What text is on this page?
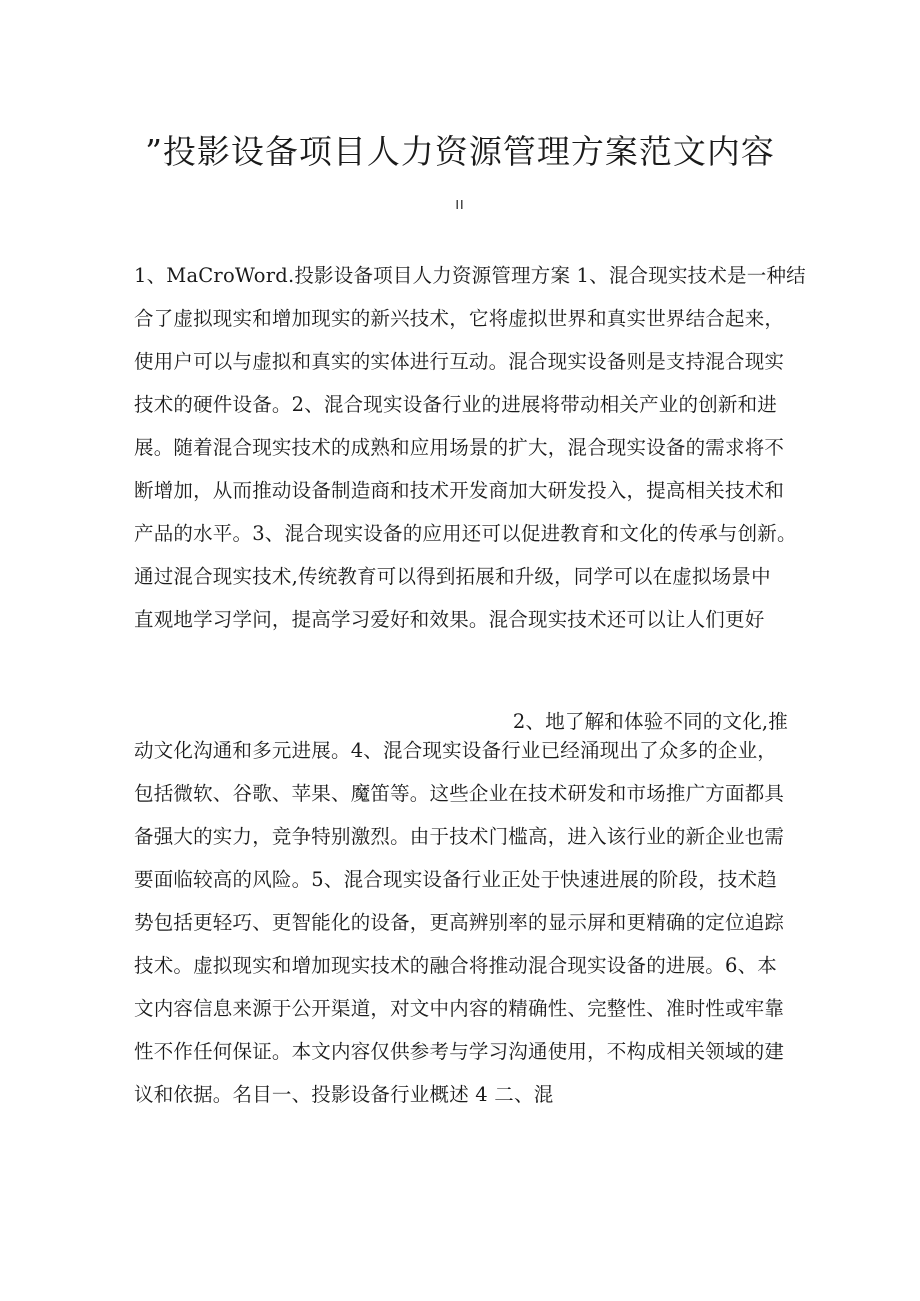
”投影设备项目人力资源管理方案范文内容
II

1、MaCroWord.投影设备项目人力资源管理方案 1、混合现实技术是一种结

合了虚拟现实和增加现实的新兴技术，它将虚拟世界和真实世界结合起来，

使用户可以与虚拟和真实的实体进行互动。混合现实设备则是支持混合现实

技术的硬件设备。2、混合现实设备行业的进展将带动相关产业的创新和进

展。随着混合现实技术的成熟和应用场景的扩大，混合现实设备的需求将不

断增加，从而推动设备制造商和技术开发商加大研发投入，提高相关技术和

产品的水平。3、混合现实设备的应用还可以促进教育和文化的传承与创新。

通过混合现实技术,传统教育可以得到拓展和升级，同学可以在虚拟场景中

直观地学习学问，提高学习爱好和效果。混合现实技术还可以让人们更好

2、地了解和体验不同的文化,推

动文化沟通和多元进展。4、混合现实设备行业已经涌现出了众多的企业，

包括微软、谷歌、苹果、魔笛等。这些企业在技术研发和市场推广方面都具

备强大的实力，竞争特别激烈。由于技术门槛高，进入该行业的新企业也需

要面临较高的风险。5、混合现实设备行业正处于快速进展的阶段，技术趋

势包括更轻巧、更智能化的设备，更高辨别率的显示屏和更精确的定位追踪

技术。虚拟现实和增加现实技术的融合将推动混合现实设备的进展。6、本

文内容信息来源于公开渠道，对文中内容的精确性、完整性、准时性或牢靠

性不作任何保证。本文内容仅供参考与学习沟通使用，不构成相关领域的建

议和依据。名目一、投影设备行业概述 4 二、混
